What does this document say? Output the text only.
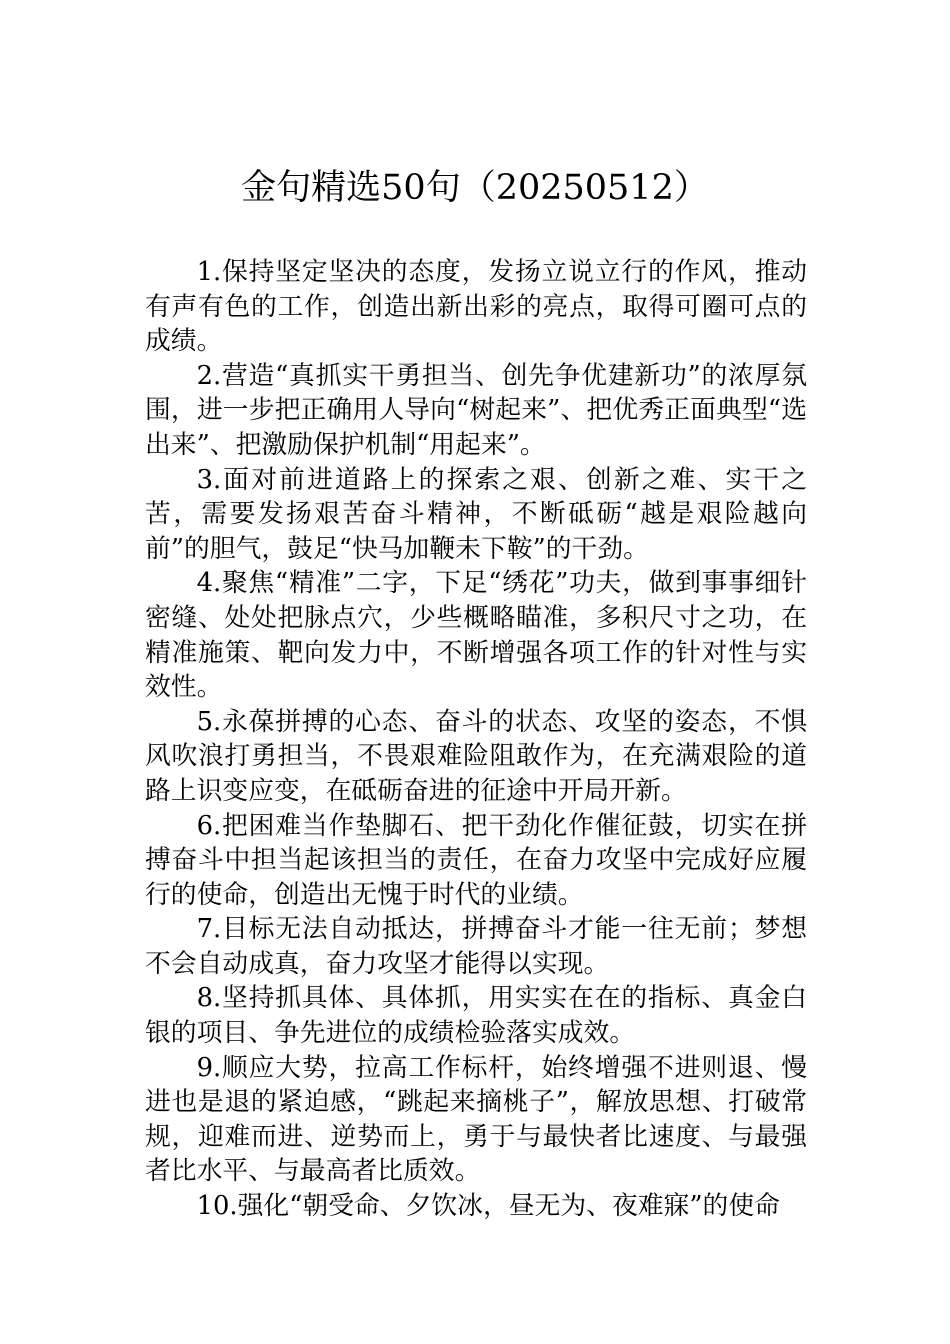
金句精选50句（20250512）

1.保持坚定坚决的态度，发扬立说立行的作风，推动有声有色的工作，创造出新出彩的亮点，取得可圈可点的成绩。

2.营造“真抓实干勇担当、创先争优建新功”的浓厚氛围，进一步把正确用人导向“树起来”、把优秀正面典型“选出来”、把激励保护机制“用起来”。

3.面对前进道路上的探索之艰、创新之难、实干之苦，需要发扬艰苦奋斗精神，不断砥砺“越是艰险越向前”的胆气，鼓足“快马加鞭未下鞍”的干劲。

4.聚焦“精准”二字，下足“绣花”功夫，做到事事细针密缝、处处把脉点穴，少些概略瞄准，多积尺寸之功，在精准施策、靶向发力中，不断增强各项工作的针对性与实效性。

5.永葆拼搏的心态、奋斗的状态、攻坚的姿态，不惧风吹浪打勇担当，不畏艰难险阻敢作为，在充满艰险的道路上识变应变，在砥砺奋进的征途中开局开新。

6.把困难当作垫脚石、把干劲化作催征鼓，切实在拼搏奋斗中担当起该担当的责任，在奋力攻坚中完成好应履行的使命，创造出无愧于时代的业绩。

7.目标无法自动抵达，拼搏奋斗才能一往无前；梦想不会自动成真，奋力攻坚才能得以实现。

8.坚持抓具体、具体抓，用实实在在的指标、真金白银的项目、争先进位的成绩检验落实成效。

9.顺应大势，拉高工作标杆，始终增强不进则退、慢进也是退的紧迫感，“跳起来摘桃子”，解放思想、打破常规，迎难而进、逆势而上，勇于与最快者比速度、与最强者比水平、与最高者比质效。

10.强化“朝受命、夕饮冰，昼无为、夜难寐”的使命
